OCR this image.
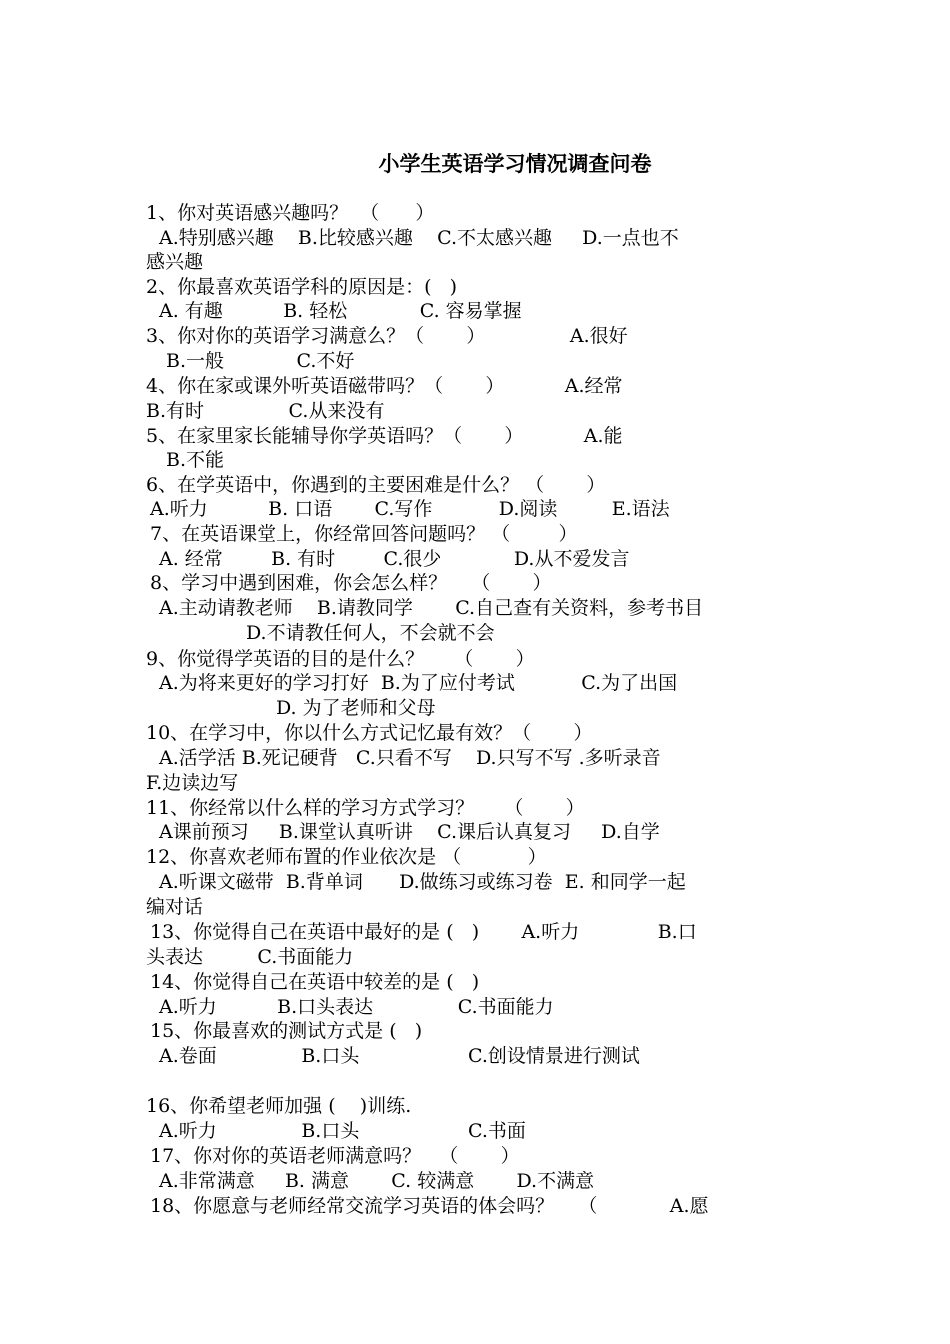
小学生英语学习情况调查问卷
1、你对英语感兴趣吗？  （      ）
A.特别感兴趣    B.比较感兴趣    C.不太感兴趣     D.一点也不
感兴趣
2、你最喜欢英语学科的原因是：(   )
A. 有趣          B. 轻松            C. 容易掌握
3、你对你的英语学习满意么？（       ）              A.很好
B.一般            C.不好
4、你在家或课外听英语磁带吗？（       ）          A.经常
B.有时              C.从来没有
5、在家里家长能辅导你学英语吗？（       ）          A.能
B.不能
6、在学英语中，你遇到的主要困难是什么？ （       ）
A.听力          B. 口语       C.写作           D.阅读         E.语法
7、在英语课堂上，你经常回答问题吗？ （        ）
A. 经常        B. 有时        C.很少            D.从不爱发言
8、学习中遇到困难，你会怎么样？    （       ）
A.主动请教老师    B.请教同学       C.自己查有关资料，参考书目
D.不请教任何人，不会就不会
9、你觉得学英语的目的是什么？     （       ）
A.为将来更好的学习打好  B.为了应付考试           C.为了出国
D. 为了老师和父母
10、在学习中，你以什么方式记忆最有效？（       ）
A.活学活 B.死记硬背   C.只看不写    D.只写不写 .多听录音
F.边读边写
11、你经常以什么样的学习方式学习？     （       ）
A课前预习     B.课堂认真听讲    C.课后认真复习     D.自学
12、你喜欢老师布置的作业依次是 （           ）
A.听课文磁带  B.背单词      D.做练习或练习卷  E. 和同学一起
编对话
13、你觉得自己在英语中最好的是 (   )       A.听力             B.口
头表达         C.书面能力
14、你觉得自己在英语中较差的是 (   )
A.听力          B.口头表达              C.书面能力
15、你最喜欢的测试方式是 (   )
A.卷面              B.口头                  C.创设情景进行测试
16、你希望老师加强 (    )训练.
A.听力              B.口头                  C.书面
17、你对你的英语老师满意吗？   （       ）
A.非常满意     B. 满意       C. 较满意       D.不满意
18、你愿意与老师经常交流学习英语的体会吗？    （            A.愿
